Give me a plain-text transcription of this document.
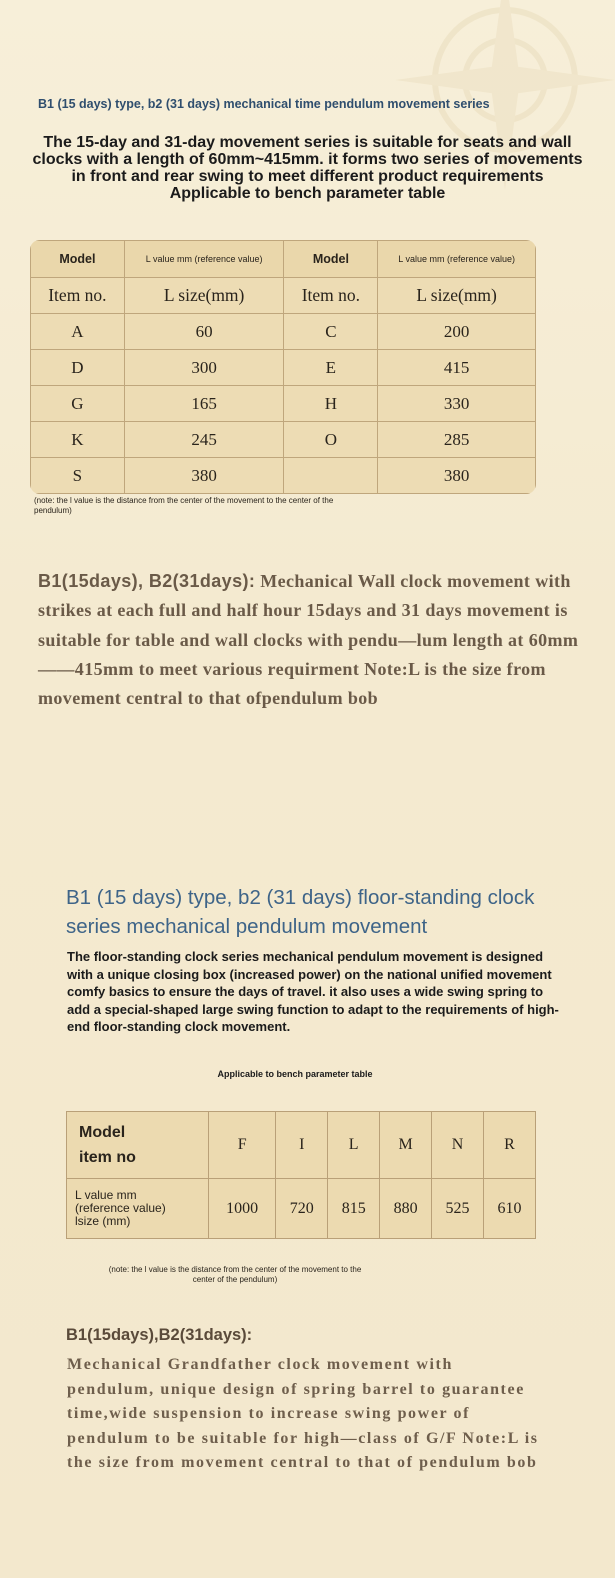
B1 (15 days) type, b2 (31 days) mechanical time pendulum movement series
The 15-day and 31-day movement series is suitable for seats and wall clocks with a length of 60mm~415mm. it forms two series of movements in front and rear swing to meet different product requirements Applicable to bench parameter table
Model	L value mm (reference value)	Model	L value mm (reference value)
Item no.	L size(mm)	Item no.	L size(mm)
A	60	C	200
D	300	E	415
G	165	H	330
K	245	O	285
S	380		380
(note: the l value is the distance from the center of the movement to the center of the pendulum)
B1(15days), B2(31days): Mechanical Wall clock movement with strikes at each full and half hour 15days and 31 days movement is suitable for table and wall clocks with pendu—lum length at 60mm——415mm to meet various requirment Note:L is the size from movement central to that ofpendulum bob
B1 (15 days) type, b2 (31 days) floor-standing clock series mechanical pendulum movement
The floor-standing clock series mechanical pendulum movement is designed with a unique closing box (increased power) on the national unified movement comfy basics to ensure the days of travel. it also uses a wide swing spring to add a special-shaped large swing function to adapt to the requirements of high-end floor-standing clock movement.
Applicable to bench parameter table
Model
item no	F	I	L	M	N	R
L value mm
(reference value)
lsize (mm)	1000	720	815	880	525	610
(note: the l value is the distance from the center of the movement to the
center of the pendulum)
B1(15days),B2(31days):
Mechanical Grandfather clock movement with pendulum, unique design of spring barrel to guarantee time,wide suspension to increase swing power of pendulum to be suitable for high—class of G/F Note:L is the size from movement central to that of pendulum bob
